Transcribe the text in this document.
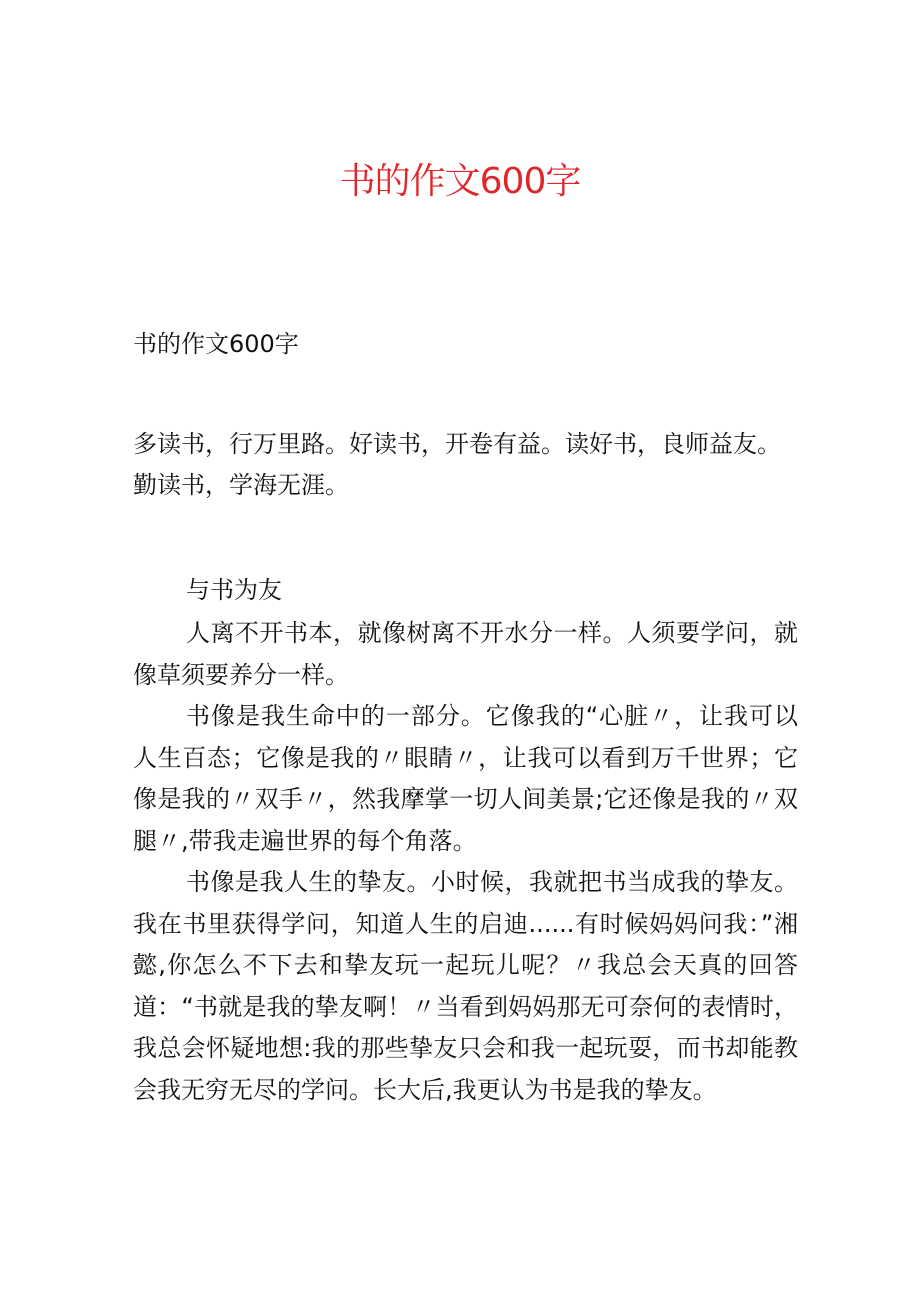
书的作文600字
书的作文600字

多读书，行万里路。好读书，开卷有益。读好书，良师益友。

勤读书，学海无涯。

与书为友

人离不开书本，就像树离不开水分一样。人须要学问，就像草须要养分一样。

书像是我生命中的一部分。它像我的“心脏〃，让我可以人生百态；它像是我的〃眼睛〃，让我可以看到万千世界；它像是我的〃双手〃，然我摩掌一切人间美景;它还像是我的〃双腿〃,带我走遍世界的每个角落。

书像是我人生的挚友。小时候，我就把书当成我的挚友。我在书里获得学问，知道人生的启迪......有时候妈妈问我：”湘懿,你怎么不下去和挚友玩一起玩儿呢？〃我总会天真的回答道：“书就是我的挚友啊！〃当看到妈妈那无可奈何的表情时，我总会怀疑地想:我的那些挚友只会和我一起玩耍，而书却能教会我无穷无尽的学问。长大后,我更认为书是我的挚友。
